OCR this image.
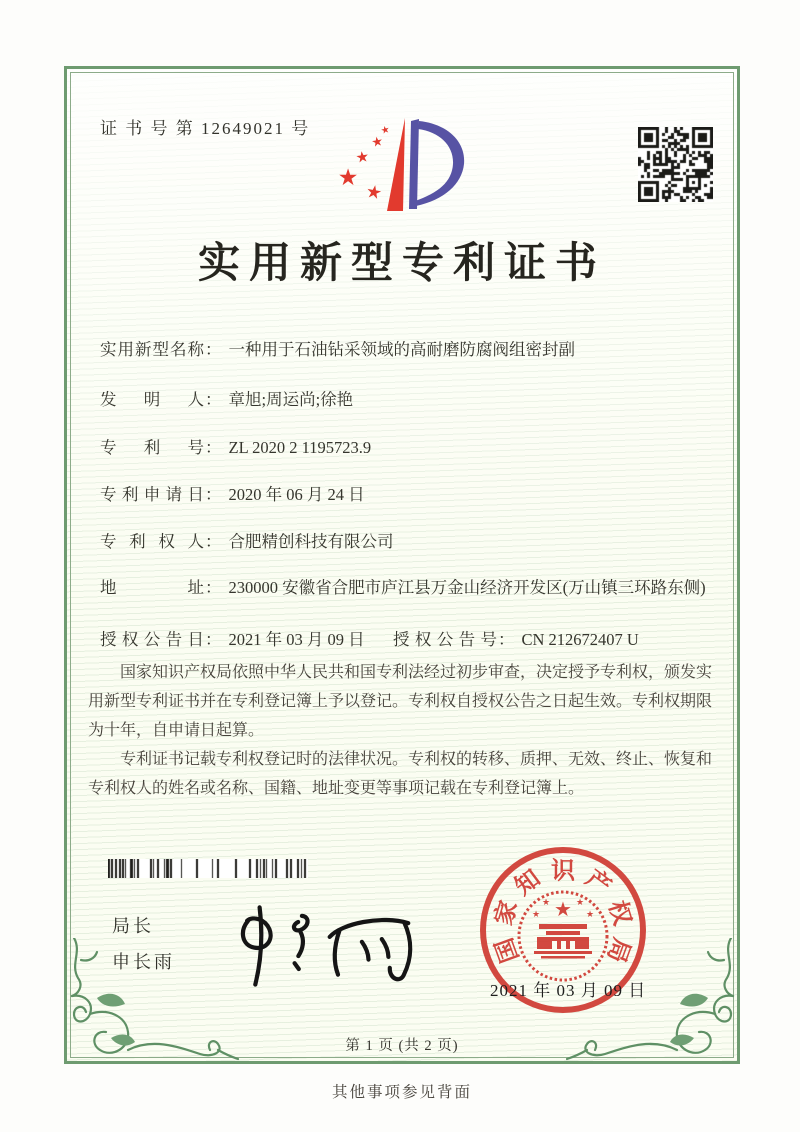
证 书 号 第 12649021 号	★
★
★
★
★
实用新型专利证书
实用新型名称 ： 一种用于石油钻采领域的高耐磨防腐阀组密封副
发明人 ： 章旭;周运尚;徐艳
专利号 ： ZL 2020 2 1195723.9
专利申请日 ： 2020 年 06 月 24 日
专利权人 ： 合肥精创科技有限公司
地址 ： 230000 安徽省合肥市庐江县万金山经济开发区(万山镇三环路东侧)
授权公告日 ： 2021 年 03 月 09 日 授权公告号 ： CN 212672407 U

国家知识产权局依照中华人民共和国专利法经过初步审查，决定授予专利权，颁发实用新型专利证书并在专利登记簿上予以登记。专利权自授权公告之日起生效。专利权期限为十年，自申请日起算。

专利证书记载专利权登记时的法律状况。专利权的转移、质押、无效、终止、恢复和专利权人的姓名或名称、国籍、地址变更等事项记载在专利登记簿上。

局长
申长雨	国
家
知 识 产
权
局
★
★	★
★	★
2021 年 03 月 09 日
第 1 页 (共 2 页)
其他事项参见背面
